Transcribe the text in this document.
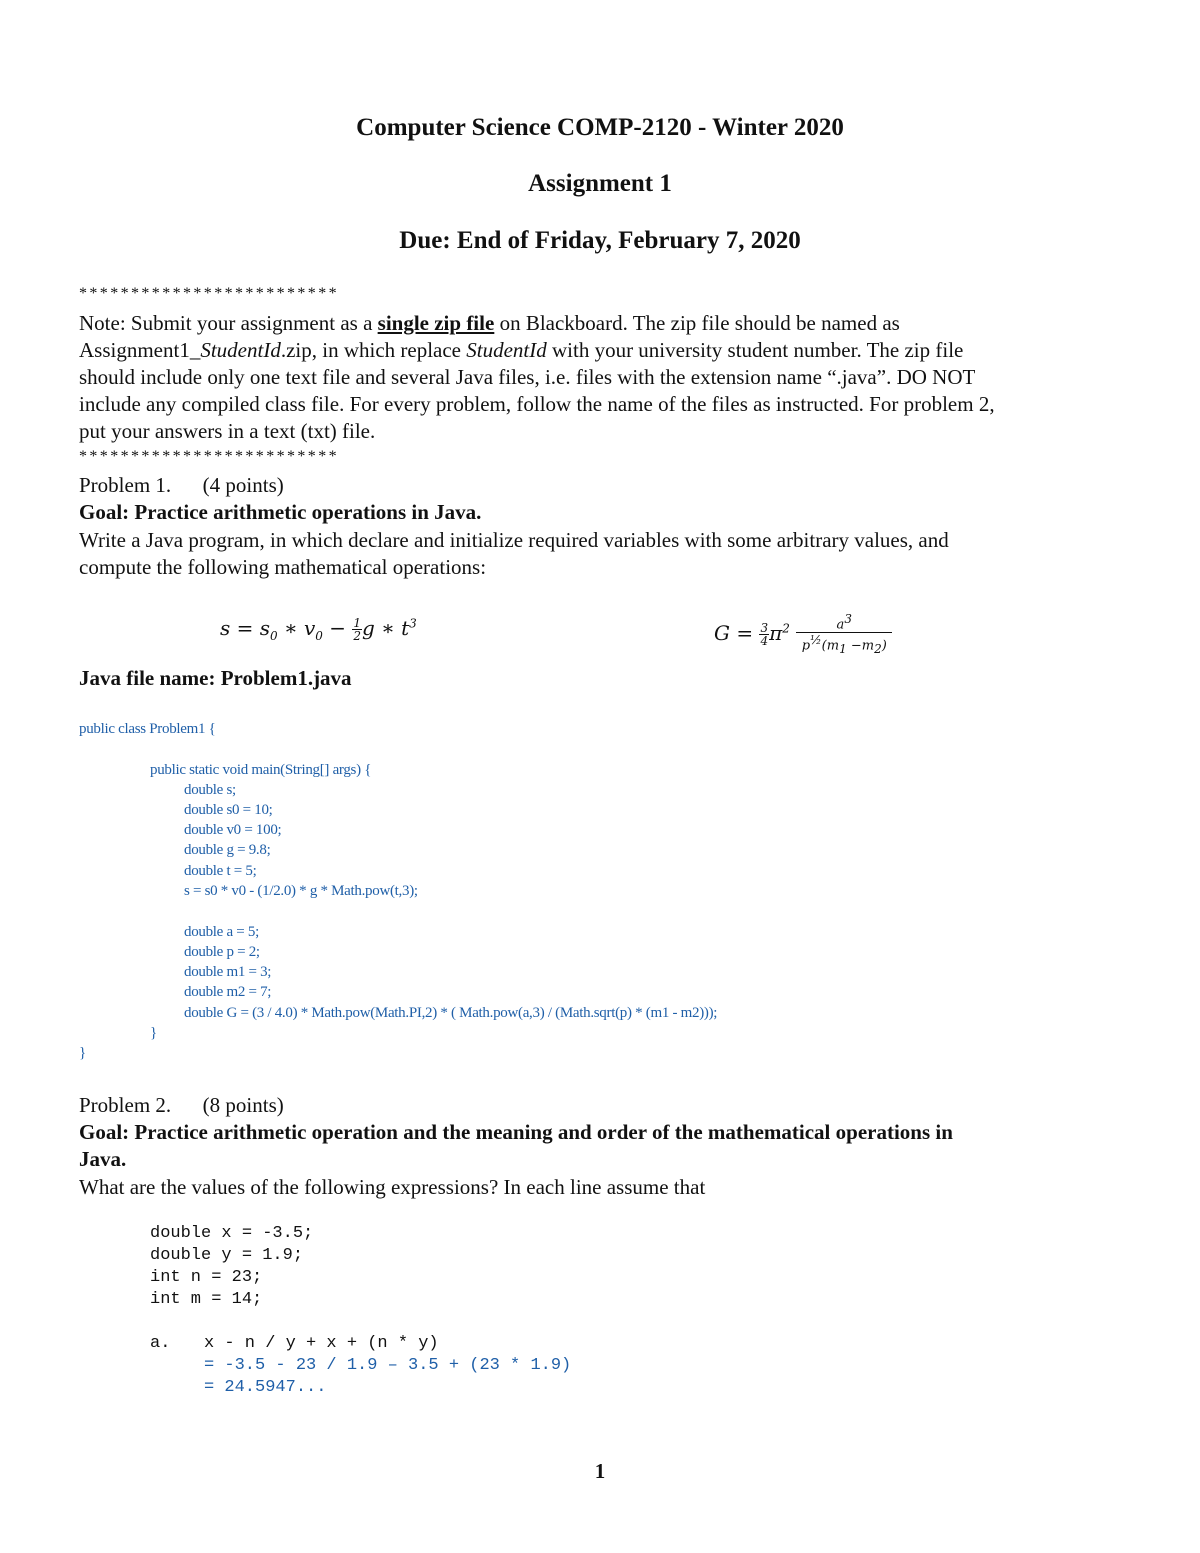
Computer Science COMP-2120 - Winter 2020
Assignment 1
Due: End of Friday, February 7, 2020
*************************
Note: Submit your assignment as a single zip file on Blackboard. The zip file should be named as
Assignment1_StudentId.zip, in which replace StudentId with your university student number. The zip file
should include only one text file and several Java files, i.e. files with the extension name “.java”. DO NOT
include any compiled class file. For every problem, follow the name of the files as instructed. For problem 2,
put your answers in a text (txt) file.
*************************
Problem 1.      (4 points)
Goal: Practice arithmetic operations in Java.
Write a Java program, in which declare and initialize required variables with some arbitrary values, and
compute the following mathematical operations:
$s = s_0$ ∗ $v_0 - \frac{1}{2}$ g ∗ $t^3$	$G = \frac{3}{4} \pi^2 \frac{a^3}{p^{\frac{1}{2}}(m_1 -m_2)}$
Java file name: Problem1.java
public class Problem1 {
public static void main(String[] args) {
double s;
double s0 = 10;
double v0 = 100;
double g = 9.8;
double t = 5;
s = s0 * v0 - (1/2.0) * g * Math.pow(t,3);
double a = 5;
double p = 2;
double m1 = 3;
double m2 = 7;
double G = (3 / 4.0) * Math.pow(Math.PI,2) * ( Math.pow(a,3) / (Math.sqrt(p) * (m1 - m2)));
}
}
Problem 2.      (8 points)
Goal: Practice arithmetic operation and the meaning and order of the mathematical operations in
Java.
What are the values of the following expressions? In each line assume that
double x = -3.5;
double y = 1.9;
int n = 23;
int m = 14;
a. x - n / y + x + (n * y)
= -3.5 - 23 / 1.9 – 3.5 + (23 * 1.9)
= 24.5947...
1
